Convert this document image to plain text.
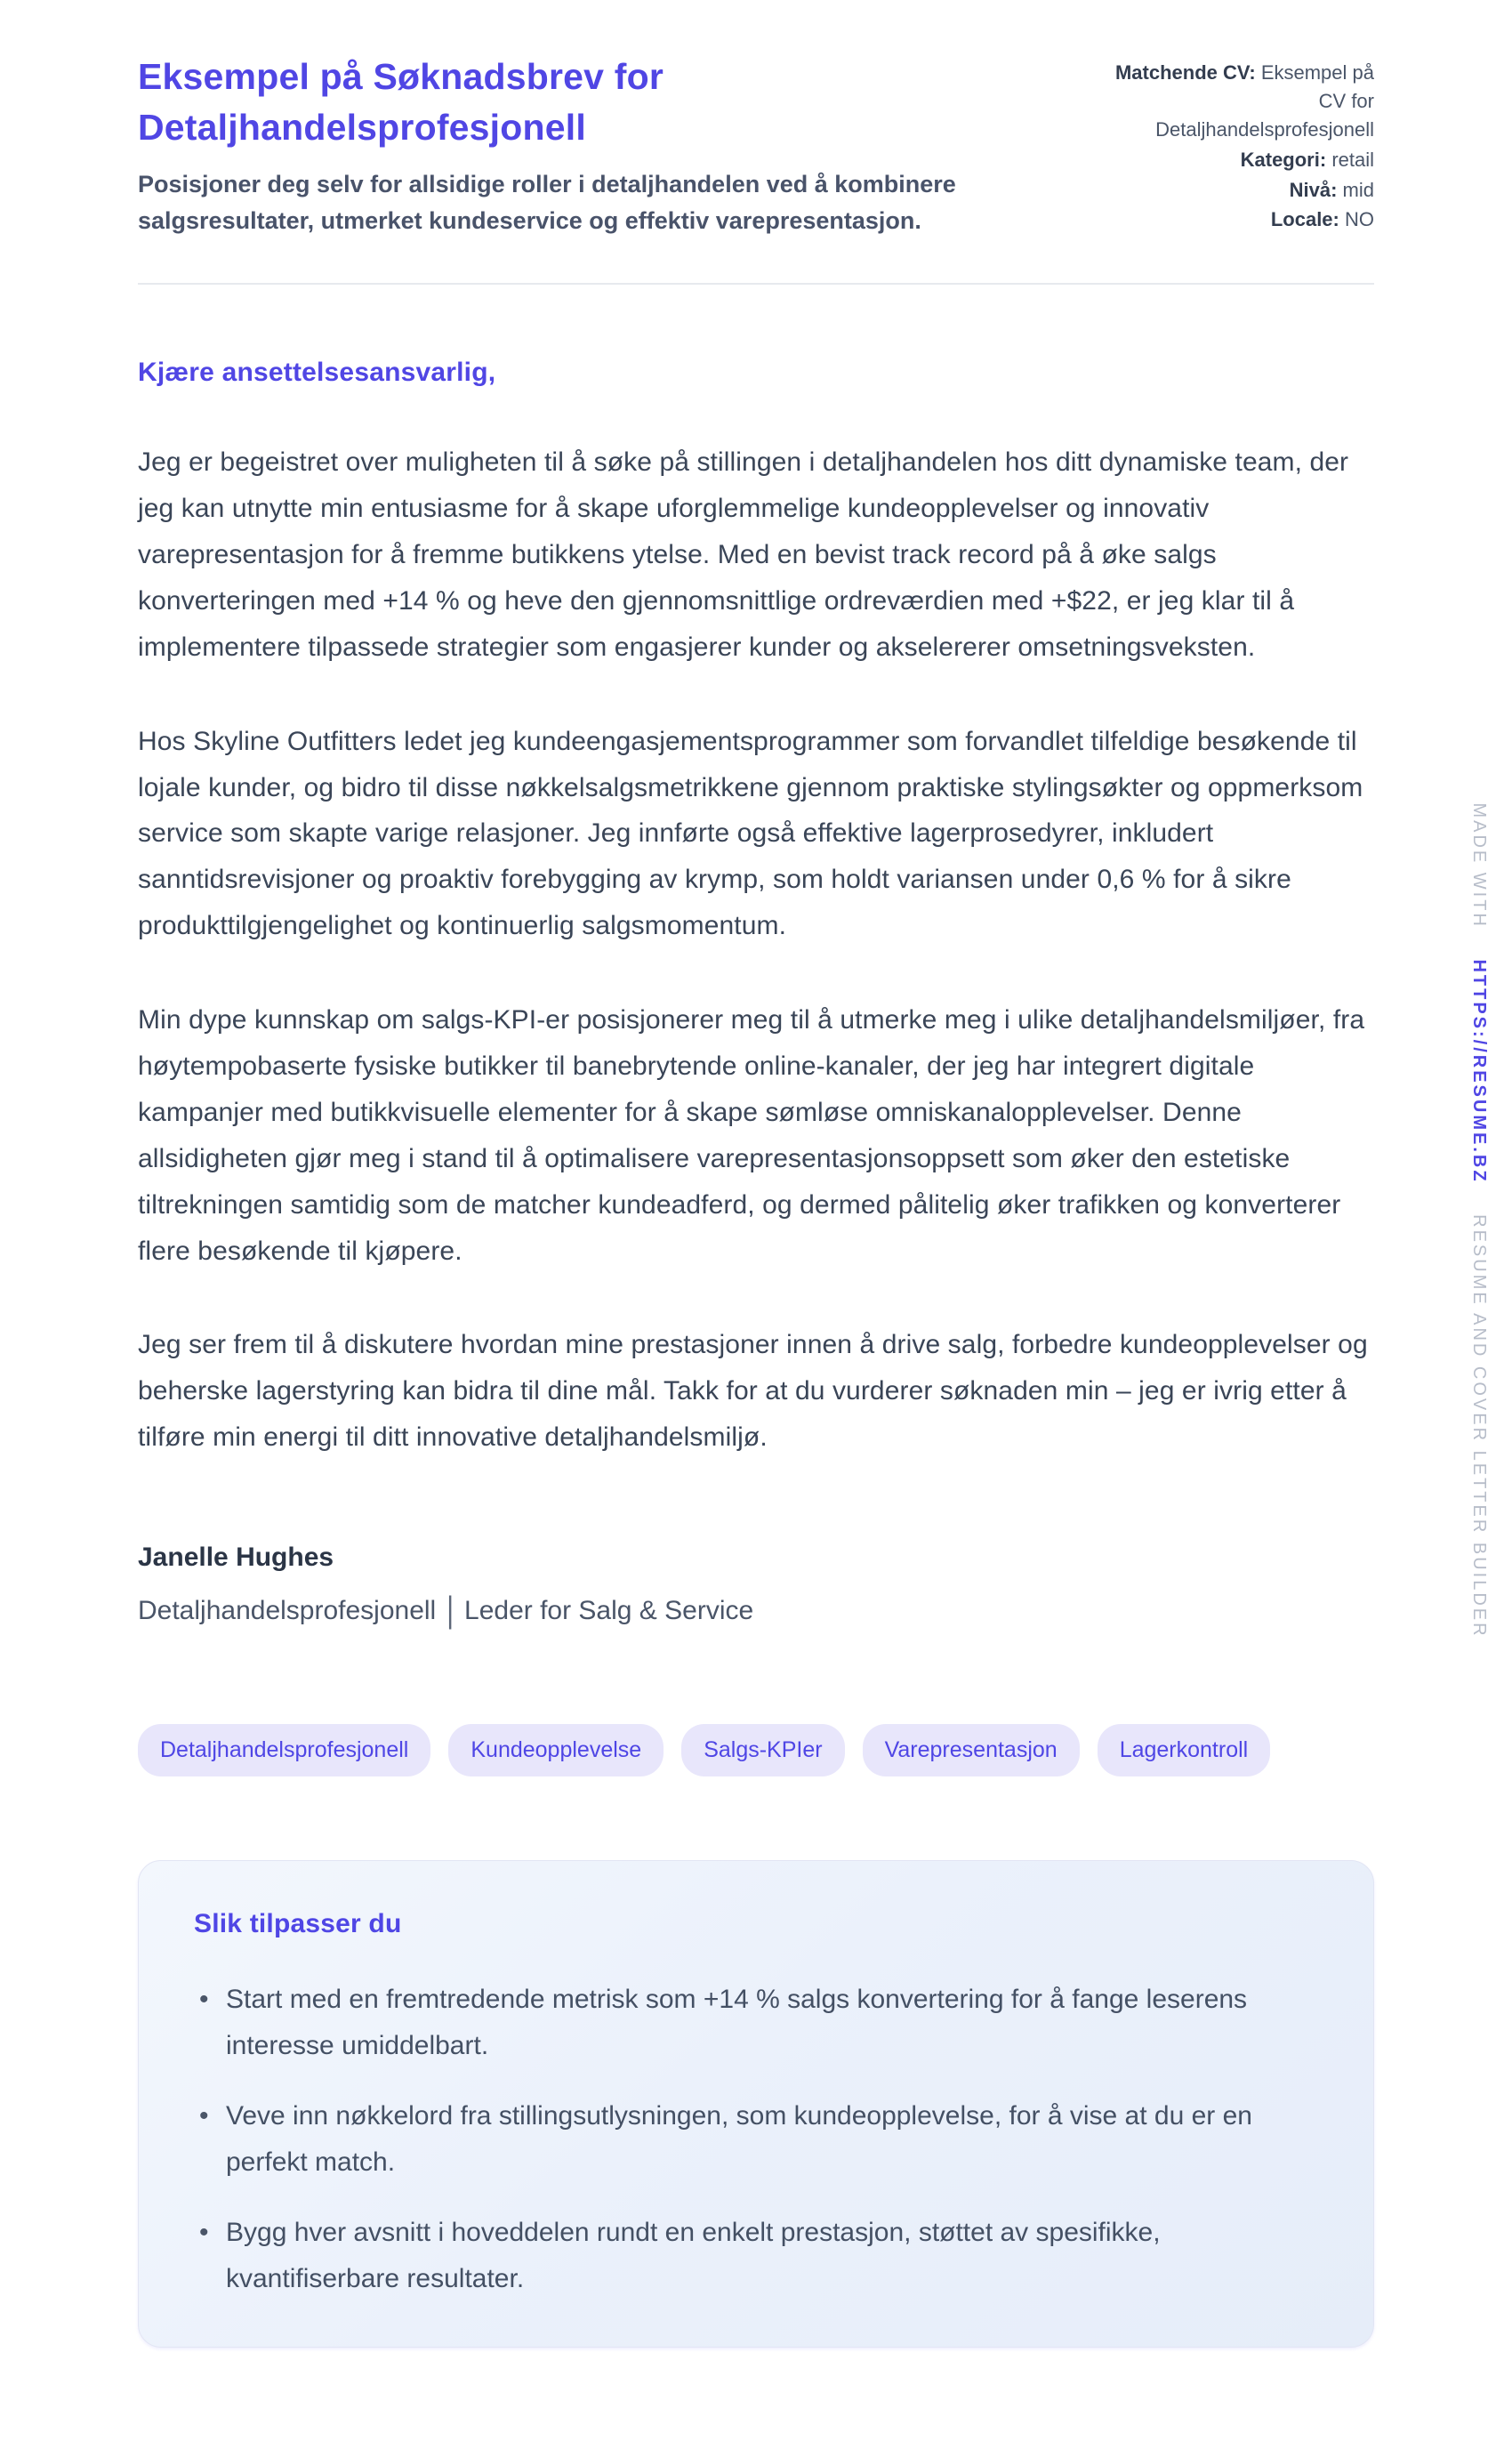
Eksempel på Søknadsbrev for Detaljhandelsprofesjonell
Posisjoner deg selv for allsidige roller i detaljhandelen ved å kombinere salgsresultater, utmerket kundeservice og effektiv varepresentasjon.
Matchende CV: Eksempel på CV for Detaljhandelsprofesjonell
Kategori: retail
Nivå: mid
Locale: NO
Kjære ansettelsesansvarlig,

Jeg er begeistret over muligheten til å søke på stillingen i detaljhandelen hos ditt dynamiske team, der jeg kan utnytte min entusiasme for å skape uforglemmelige kundeopplevelser og innovativ varepresentasjon for å fremme butikkens ytelse. Med en bevist track record på å øke salgs konverteringen med +14 % og heve den gjennomsnittlige ordreværdien med +$22, er jeg klar til å implementere tilpassede strategier som engasjerer kunder og akselererer omsetningsveksten.

Hos Skyline Outfitters ledet jeg kundeengasjementsprogrammer som forvandlet tilfeldige besøkende til lojale kunder, og bidro til disse nøkkelsalgsmetrikkene gjennom praktiske stylingsøkter og oppmerksom service som skapte varige relasjoner. Jeg innførte også effektive lagerprosedyrer, inkludert sanntidsrevisjoner og proaktiv forebygging av krymp, som holdt variansen under 0,6 % for å sikre produkttilgjengelighet og kontinuerlig salgsmomentum.

Min dype kunnskap om salgs-KPI-er posisjonerer meg til å utmerke meg i ulike detaljhandelsmiljøer, fra høytempobaserte fysiske butikker til banebrytende online-kanaler, der jeg har integrert digitale kampanjer med butikkvisuelle elementer for å skape sømløse omniskanalopplevelser. Denne allsidigheten gjør meg i stand til å optimalisere varepresentasjonsoppsett som øker den estetiske tiltrekningen samtidig som de matcher kundeadferd, og dermed pålitelig øker trafikken og konverterer flere besøkende til kjøpere.

Jeg ser frem til å diskutere hvordan mine prestasjoner innen å drive salg, forbedre kundeopplevelser og beherske lagerstyring kan bidra til dine mål. Takk for at du vurderer søknaden min – jeg er ivrig etter å tilføre min energi til ditt innovative detaljhandelsmiljø.

Janelle Hughes
Detaljhandelsprofesjonell | Leder for Salg & Service
Detaljhandelsprofesjonell	Kundeopplevelse	Salgs-KPIer	Varepresentasjon	Lagerkontroll
Slik tilpasser du
• Start med en fremtredende metrisk som +14 % salgs konvertering for å fange leserens interesse umiddelbart.
• Veve inn nøkkelord fra stillingsutlysningen, som kundeopplevelse, for å vise at du er en perfekt match.
• Bygg hver avsnitt i hoveddelen rundt en enkelt prestasjon, støttet av spesifikke, kvantifiserbare resultater.
MADE WITH HTTPS://RESUME.BZ RESUME AND COVER LETTER BUILDER
